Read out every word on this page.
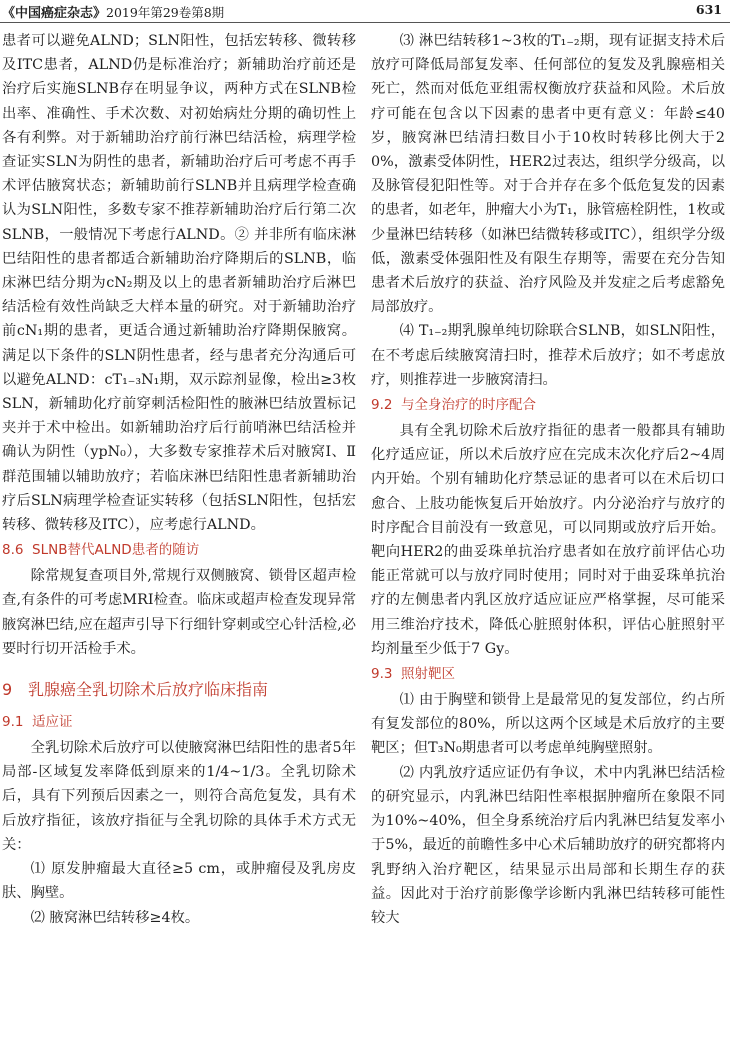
《中国癌症杂志》2019年第29卷第8期	631

患者可以避免ALND；SLN阳性，包括宏转移、微转移及ITC患者，ALND仍是标准治疗；新辅助治疗前还是治疗后实施SLNB存在明显争议，两种方式在SLNB检出率、准确性、手术次数、对初始病灶分期的确切性上各有利弊。对于新辅助治疗前行淋巴结活检，病理学检查证实SLN为阴性的患者，新辅助治疗后可考虑不再手术评估腋窝状态；新辅助前行SLNB并且病理学检查确认为SLN阳性，多数专家不推荐新辅助治疗后行第二次SLNB，一般情况下考虑行ALND。② 并非所有临床淋巴结阳性的患者都适合新辅助治疗降期后的SLNB，临床淋巴结分期为cN₂期及以上的患者新辅助治疗后淋巴结活检有效性尚缺乏大样本量的研究。对于新辅助治疗前cN₁期的患者，更适合通过新辅助治疗降期保腋窝。满足以下条件的SLN阴性患者，经与患者充分沟通后可以避免ALND：cT₁₋₃N₁期，双示踪剂显像，检出≥3枚SLN，新辅助化疗前穿刺活检阳性的腋淋巴结放置标记夹并于术中检出。如新辅助治疗后行前哨淋巴结活检并确认为阴性（ypN₀），大多数专家推荐术后对腋窝Ⅰ、Ⅱ群范围辅以辅助放疗；若临床淋巴结阳性患者新辅助治疗后SLN病理学检查证实转移（包括SLN阳性，包括宏转移、微转移及ITC），应考虑行ALND。

8.6 SLNB替代ALND患者的随访

除常规复查项目外,常规行双侧腋窝、锁骨区超声检查,有条件的可考虑MRI检查。临床或超声检查发现异常腋窝淋巴结,应在超声引导下行细针穿刺或空心针活检,必要时行切开活检手术。

9 乳腺癌全乳切除术后放疗临床指南
9.1 适应证

全乳切除术后放疗可以使腋窝淋巴结阳性的患者5年局部-区域复发率降低到原来的1/4~1/3。全乳切除术后，具有下列预后因素之一，则符合高危复发，具有术后放疗指征，该放疗指征与全乳切除的具体手术方式无关：

⑴ 原发肿瘤最大直径≥5 cm，或肿瘤侵及乳房皮肤、胸壁。

⑵ 腋窝淋巴结转移≥4枚。

⑶ 淋巴结转移1~3枚的T₁₋₂期，现有证据支持术后放疗可降低局部复发率、任何部位的复发及乳腺癌相关死亡，然而对低危亚组需权衡放疗获益和风险。术后放疗可能在包含以下因素的患者中更有意义：年龄≤40岁，腋窝淋巴结清扫数目小于10枚时转移比例大于20%，激素受体阴性，HER2过表达，组织学分级高，以及脉管侵犯阳性等。对于合并存在多个低危复发的因素的患者，如老年，肿瘤大小为T₁，脉管癌栓阴性，1枚或少量淋巴结转移（如淋巴结微转移或ITC），组织学分级低，激素受体强阳性及有限生存期等，需要在充分告知患者术后放疗的获益、治疗风险及并发症之后考虑豁免局部放疗。

⑷ T₁₋₂期乳腺单纯切除联合SLNB，如SLN阳性，在不考虑后续腋窝清扫时，推荐术后放疗；如不考虑放疗，则推荐进一步腋窝清扫。

9.2 与全身治疗的时序配合

具有全乳切除术后放疗指征的患者一般都具有辅助化疗适应证，所以术后放疗应在完成末次化疗后2~4周内开始。个别有辅助化疗禁忌证的患者可以在术后切口愈合、上肢功能恢复后开始放疗。内分泌治疗与放疗的时序配合目前没有一致意见，可以同期或放疗后开始。靶向HER2的曲妥珠单抗治疗患者如在放疗前评估心功能正常就可以与放疗同时使用；同时对于曲妥珠单抗治疗的左侧患者内乳区放疗适应证应严格掌握，尽可能采用三维治疗技术，降低心脏照射体积，评估心脏照射平均剂量至少低于7 Gy。

9.3 照射靶区

⑴ 由于胸壁和锁骨上是最常见的复发部位，约占所有复发部位的80%，所以这两个区域是术后放疗的主要靶区；但T₃N₀期患者可以考虑单纯胸壁照射。

⑵ 内乳放疗适应证仍有争议，术中内乳淋巴结活检的研究显示，内乳淋巴结阳性率根据肿瘤所在象限不同为10%~40%，但全身系统治疗后内乳淋巴结复发率小于5%，最近的前瞻性多中心术后辅助放疗的研究都将内乳野纳入治疗靶区，结果显示出局部和长期生存的获益。因此对于治疗前影像学诊断内乳淋巴结转移可能性较大
